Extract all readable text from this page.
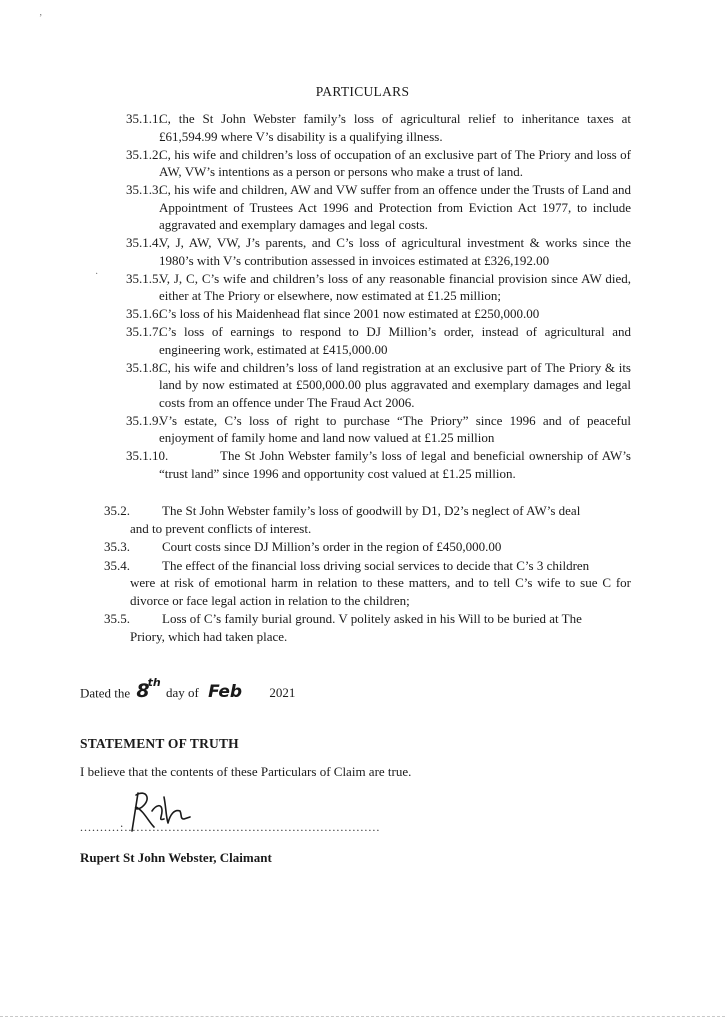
’
·
PARTICULARS
35.1.1.C, the St John Webster family’s loss of agricultural relief to inheritance taxes at £61,594.99 where V’s disability is a qualifying illness.
35.1.2.C, his wife and children’s loss of occupation of an exclusive part of The Priory and loss of AW, VW’s intentions as a person or persons who make a trust of land.
35.1.3.C, his wife and children, AW and VW suffer from an offence under the Trusts of Land and Appointment of Trustees Act 1996 and Protection from Eviction Act 1977, to include aggravated and exemplary damages and legal costs.
35.1.4.V, J, AW, VW, J’s parents, and C’s loss of agricultural investment & works since the 1980’s with V’s contribution assessed in invoices estimated at £326,192.00
35.1.5.V, J, C, C’s wife and children’s loss of any reasonable financial provision since AW died, either at The Priory or elsewhere, now estimated at £1.25 million;
35.1.6.C’s loss of his Maidenhead flat since 2001 now estimated at £250,000.00
35.1.7.C’s loss of earnings to respond to DJ Million’s order, instead of agricultural and engineering work, estimated at £415,000.00
35.1.8.C, his wife and children’s loss of land registration at an exclusive part of The Priory & its land by now estimated at £500,000.00 plus aggravated and exemplary damages and legal costs from an offence under The Fraud Act 2006.
35.1.9.V’s estate, C’s loss of right to purchase “The Priory” since 1996 and of peaceful enjoyment of family home and land now valued at £1.25 million
35.1.10.	The St John Webster family’s loss of legal and beneficial ownership of AW’s “trust land” since 1996 and opportunity cost valued at £1.25 million.
35.2. The St John Webster family’s loss of goodwill by D1, D2’s neglect of AW’s deal
and to prevent conflicts of interest.
35.3. Court costs since DJ Million’s order in the region of £450,000.00
35.4. The effect of the financial loss driving social services to decide that C’s 3 children
were at risk of emotional harm in relation to these matters, and to tell C’s wife to sue C for divorce or face legal action in relation to the children;
35.5. Loss of C’s family burial ground. V politely asked in his Will to be buried at The
Priory, which had taken place.
Dated the 8th day of Feb 2021
STATEMENT OF TRUTH
I believe that the contents of these Particulars of Claim are true.
..........:................................................................
Rupert St John Webster, Claimant
